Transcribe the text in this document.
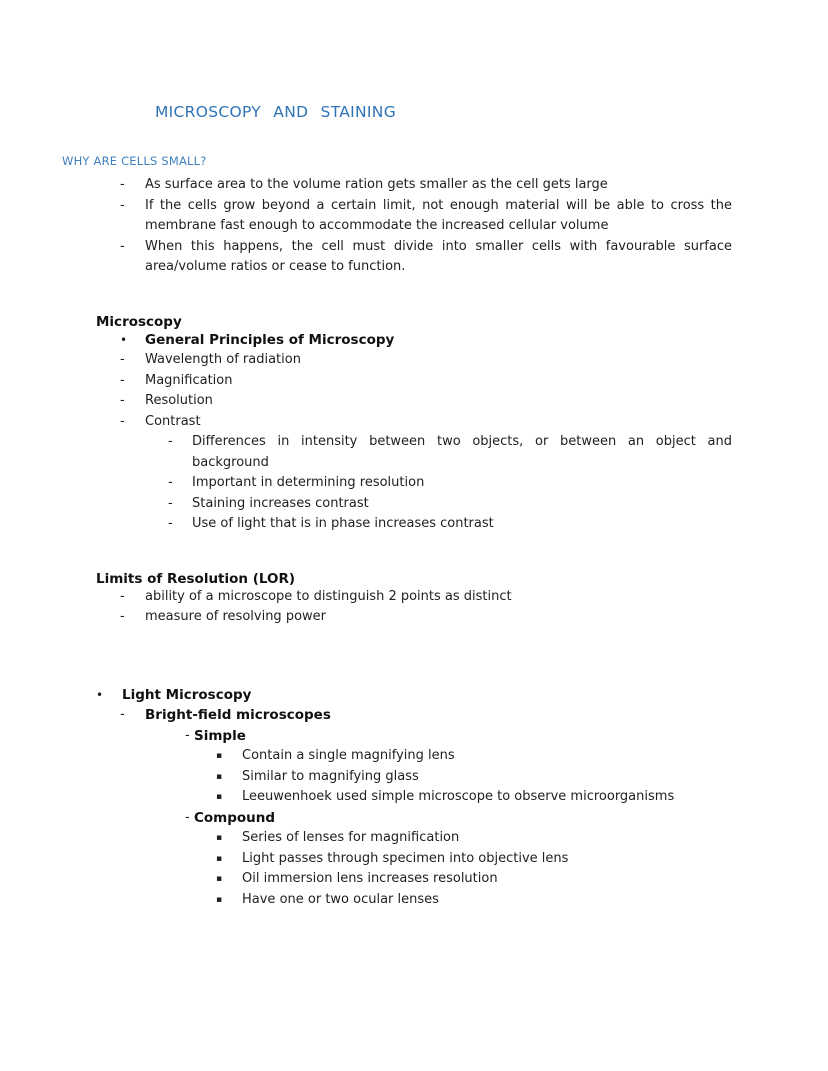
MICROSCOPY AND STAINING
WHY ARE CELLS SMALL?
-	As surface area to the volume ration gets smaller as the cell gets large
-	If the cells grow beyond a certain limit, not enough material will be able to cross the membrane fast enough to accommodate the increased cellular volume
-	When this happens, the cell must divide into smaller cells with favourable surface area/volume ratios or cease to function.
Microscopy
•	General Principles of Microscopy
-	Wavelength of radiation
-	Magnification
-	Resolution
-	Contrast
-	Differences in intensity between two objects, or between an object and background
-	Important in determining resolution
-	Staining increases contrast
-	Use of light that is in phase increases contrast
Limits of Resolution (LOR)
-	ability of a microscope to distinguish 2 points as distinct
-	measure of resolving power
•	Light Microscopy
-	Bright-field microscopes
- Simple
▪	Contain a single magnifying lens
▪	Similar to magnifying glass
▪	Leeuwenhoek used simple microscope to observe microorganisms
- Compound
▪	Series of lenses for magnification
▪	Light passes through specimen into objective lens
▪	Oil immersion lens increases resolution
▪	Have one or two ocular lenses
